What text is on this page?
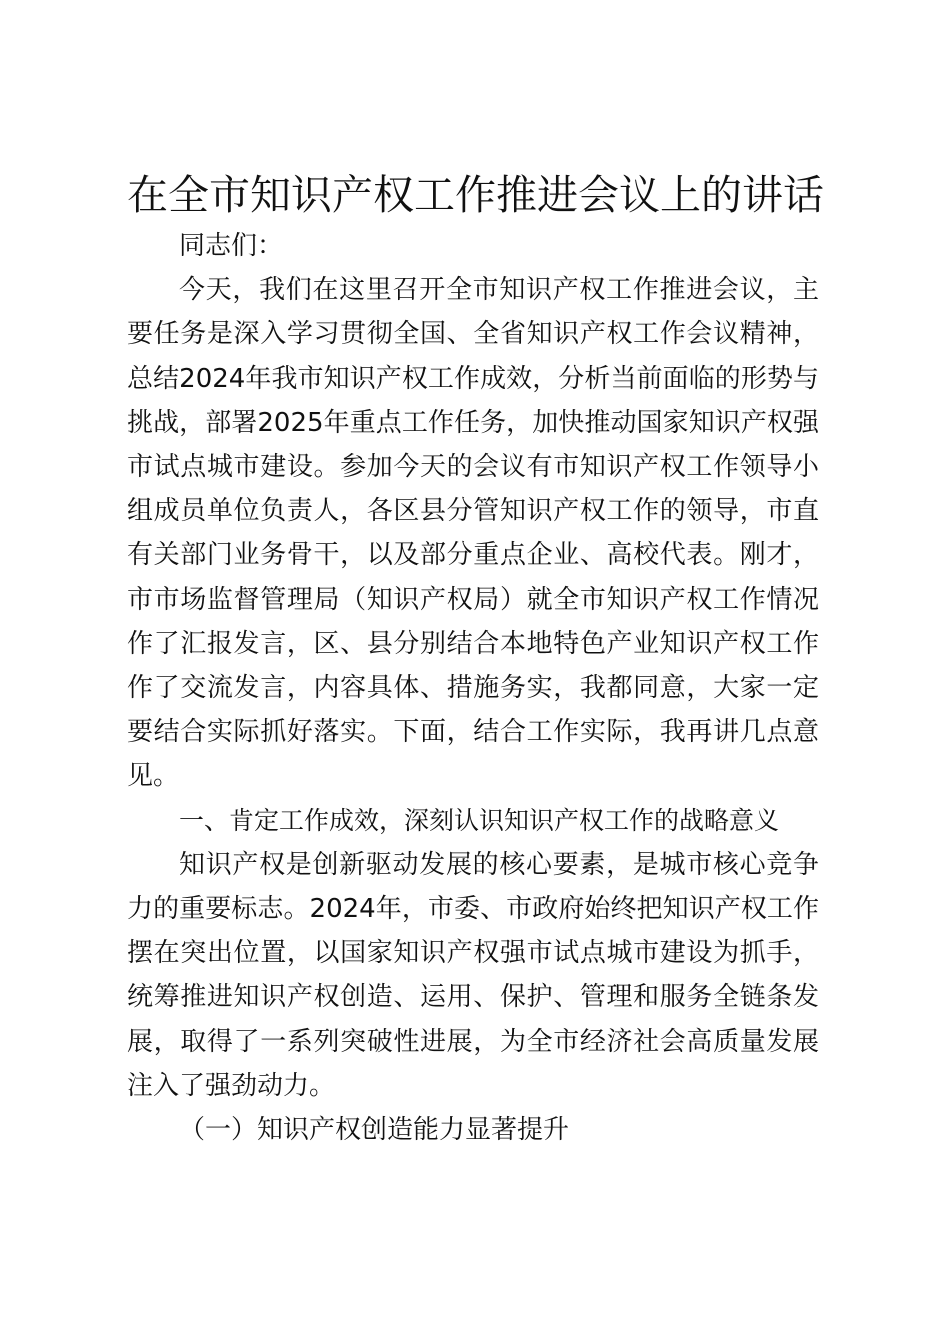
在全市知识产权工作推进会议上的讲话

同志们：

今天，我们在这里召开全市知识产权工作推进会议，主要任务是深入学习贯彻全国、全省知识产权工作会议精神，总结2024年我市知识产权工作成效，分析当前面临的形势与挑战，部署2025年重点工作任务，加快推动国家知识产权强市试点城市建设。参加今天的会议有市知识产权工作领导小组成员单位负责人，各区县分管知识产权工作的领导，市直有关部门业务骨干，以及部分重点企业、高校代表。刚才，市市场监督管理局（知识产权局）就全市知识产权工作情况作了汇报发言，区、县分别结合本地特色产业知识产权工作作了交流发言，内容具体、措施务实，我都同意，大家一定要结合实际抓好落实。下面，结合工作实际，我再讲几点意见。

一、肯定工作成效，深刻认识知识产权工作的战略意义

知识产权是创新驱动发展的核心要素，是城市核心竞争力的重要标志。2024年，市委、市政府始终把知识产权工作摆在突出位置，以国家知识产权强市试点城市建设为抓手，统筹推进知识产权创造、运用、保护、管理和服务全链条发展，取得了一系列突破性进展，为全市经济社会高质量发展注入了强劲动力。

（一）知识产权创造能力显著提升
